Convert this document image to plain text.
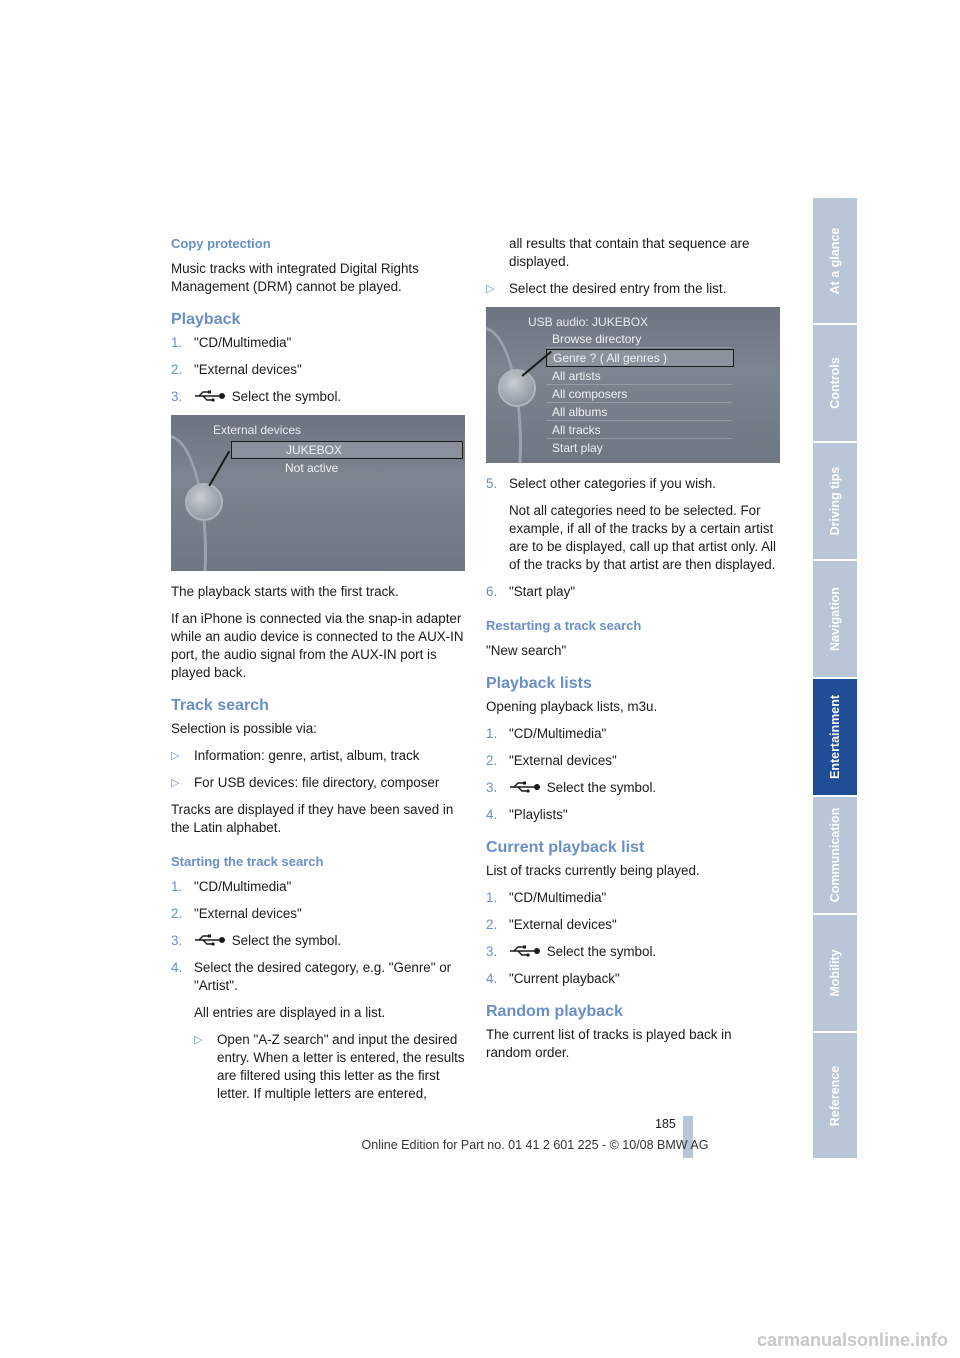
Copy protection

Music tracks with integrated Digital Rights Management (DRM) cannot be played.

Playback
1. "CD/Multimedia"
2. "External devices"
3.	Select the symbol.
External devices
JUKEBOX
Not active

The playback starts with the first track.

If an iPhone is connected via the snap-in adapter while an audio device is connected to the AUX-IN port, the audio signal from the AUX-IN port is played back.

Track search

Selection is possible via:

▷ Information: genre, artist, album, track
▷ For USB devices: file directory, composer

Tracks are displayed if they have been saved in the Latin alphabet.

Starting the track search
1. "CD/Multimedia"
2. "External devices"
3.	Select the symbol.
4. Select the desired category, e.g. "Genre" or "Artist".

All entries are displayed in a list.

▷ Open "A-Z search" and input the desired entry. When a letter is entered, the results are filtered using this letter as the first letter. If multiple letters are entered,

all results that contain that sequence are displayed.

▷ Select the desired entry from the list.
USB audio: JUKEBOX
Browse directory
Genre ? ( All genres )
All artists
All composers
All albums
All tracks
Start play
5. Select other categories if you wish.

Not all categories need to be selected. For example, if all of the tracks by a certain artist are to be displayed, call up that artist only. All of the tracks by that artist are then displayed.

6. "Start play"
Restarting a track search

"New search"

Playback lists

Opening playback lists, m3u.

1. "CD/Multimedia"
2. "External devices"
3.	Select the symbol.
4. "Playlists"
Current playback list

List of tracks currently being played.

1. "CD/Multimedia"
2. "External devices"
3.	Select the symbol.
4. "Current playback"
Random playback

The current list of tracks is played back in random order.

At a glance
Controls
Driving tips
Navigation
Entertainment
Communication
Mobility
Reference
185
Online Edition for Part no. 01 41 2 601 225 - © 10/08 BMW AG
carmanualsonline.info
